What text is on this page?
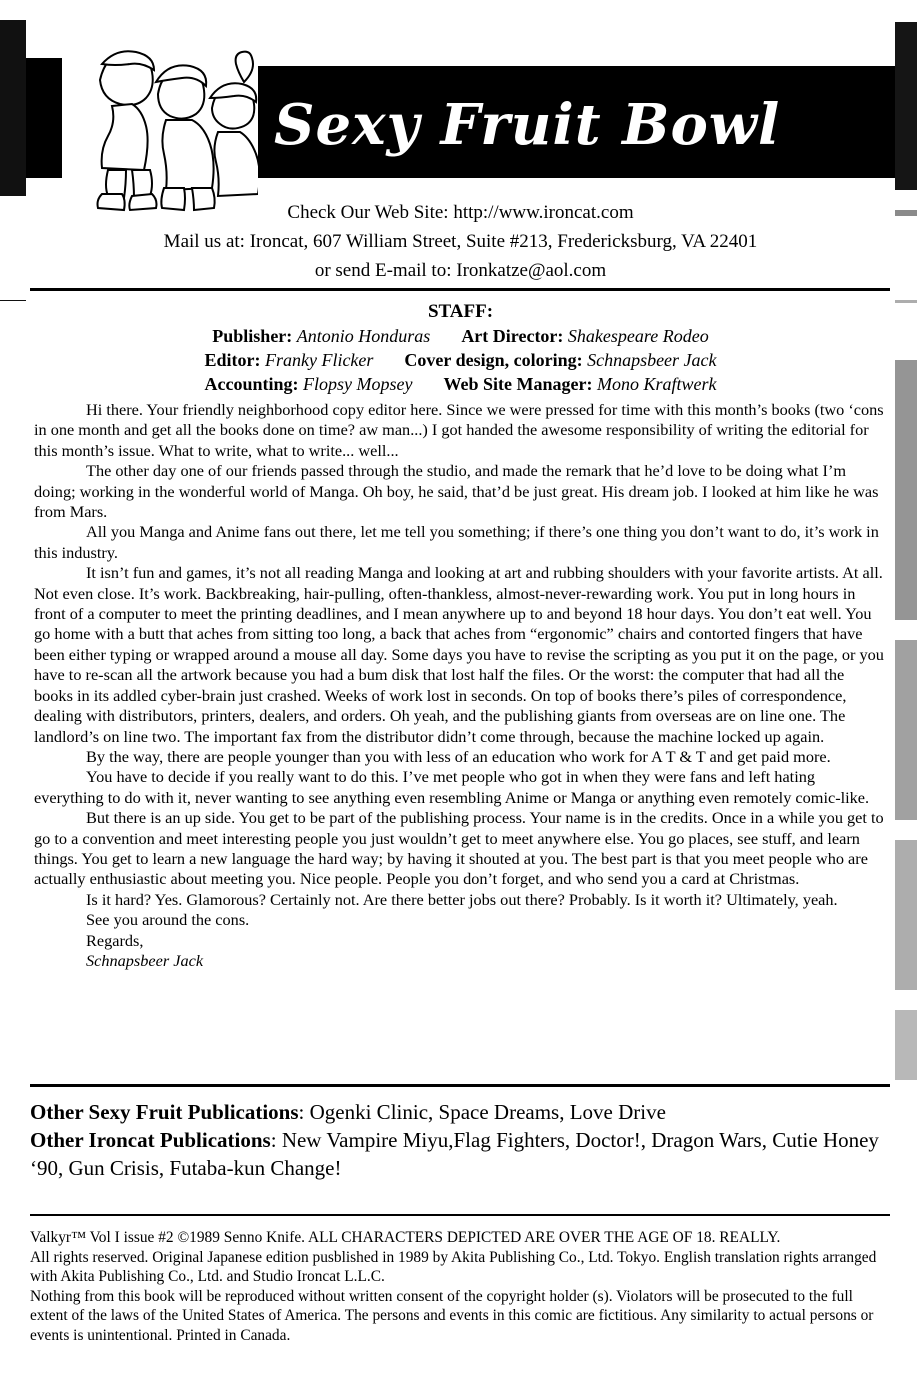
Sexy Fruit Bowl
Check Our Web Site: http://www.ironcat.com
Mail us at: Ironcat, 607 William Street, Suite #213, Fredericksburg, VA 22401
or send E-mail to: Ironkatze@aol.com
STAFF:
Publisher: Antonio Honduras Art Director: Shakespeare Rodeo
Editor: Franky Flicker Cover design, coloring: Schnapsbeer Jack
Accounting: Flopsy Mopsey Web Site Manager: Mono Kraftwerk

Hi there. Your friendly neighborhood copy editor here. Since we were pressed for time with this month’s books (two ‘cons in one month and get all the books done on time? aw man...) I got handed the awesome responsibility of writing the editorial for this month’s issue. What to write, what to write... well...

The other day one of our friends passed through the studio, and made the remark that he’d love to be doing what I’m doing; working in the wonderful world of Manga. Oh boy, he said, that’d be just great. His dream job. I looked at him like he was from Mars.

All you Manga and Anime fans out there, let me tell you something; if there’s one thing you don’t want to do, it’s work in this industry.

It isn’t fun and games, it’s not all reading Manga and looking at art and rubbing shoulders with your favorite artists. At all. Not even close. It’s work. Backbreaking, hair-pulling, often-thankless, almost-never-rewarding work. You put in long hours in front of a computer to meet the printing deadlines, and I mean anywhere up to and beyond 18 hour days. You don’t eat well. You go home with a butt that aches from sitting too long, a back that aches from “ergonomic” chairs and contorted fingers that have been either typing or wrapped around a mouse all day. Some days you have to revise the scripting as you put it on the page, or you have to re-scan all the artwork because you had a bum disk that lost half the files. Or the worst: the computer that had all the books in its addled cyber-brain just crashed. Weeks of work lost in seconds. On top of books there’s piles of correspondence, dealing with distributors, printers, dealers, and orders. Oh yeah, and the publishing giants from overseas are on line one. The landlord’s on line two. The important fax from the distributor didn’t come through, because the machine locked up again.

By the way, there are people younger than you with less of an education who work for A T & T and get paid more.

You have to decide if you really want to do this. I’ve met people who got in when they were fans and left hating everything to do with it, never wanting to see anything even resembling Anime or Manga or anything even remotely comic-like.

But there is an up side. You get to be part of the publishing process. Your name is in the credits. Once in a while you get to go to a convention and meet interesting people you just wouldn’t get to meet anywhere else. You go places, see stuff, and learn things. You get to learn a new language the hard way; by having it shouted at you. The best part is that you meet people who are actually enthusiastic about meeting you. Nice people. People you don’t forget, and who send you a card at Christmas.

Is it hard? Yes. Glamorous? Certainly not. Are there better jobs out there? Probably. Is it worth it? Ultimately, yeah.

See you around the cons.

Regards,

Schnapsbeer Jack

Other Sexy Fruit Publications: Ogenki Clinic, Space Dreams, Love Drive
Other Ironcat Publications: New Vampire Miyu,Flag Fighters, Doctor!, Dragon Wars, Cutie Honey ‘90, Gun Crisis, Futaba-kun Change!

Valkyr™ Vol I issue #2 ©1989 Senno Knife. ALL CHARACTERS DEPICTED ARE OVER THE AGE OF 18. REALLY.

All rights reserved. Original Japanese edition pusblished in 1989 by Akita Publishing Co., Ltd. Tokyo. English translation rights arranged with Akita Publishing Co., Ltd. and Studio Ironcat L.L.C.

Nothing from this book will be reproduced without written consent of the copyright holder (s). Violators will be prosecuted to the full extent of the laws of the United States of America. The persons and events in this comic are fictitious. Any similarity to actual persons or events is unintentional. Printed in Canada.
